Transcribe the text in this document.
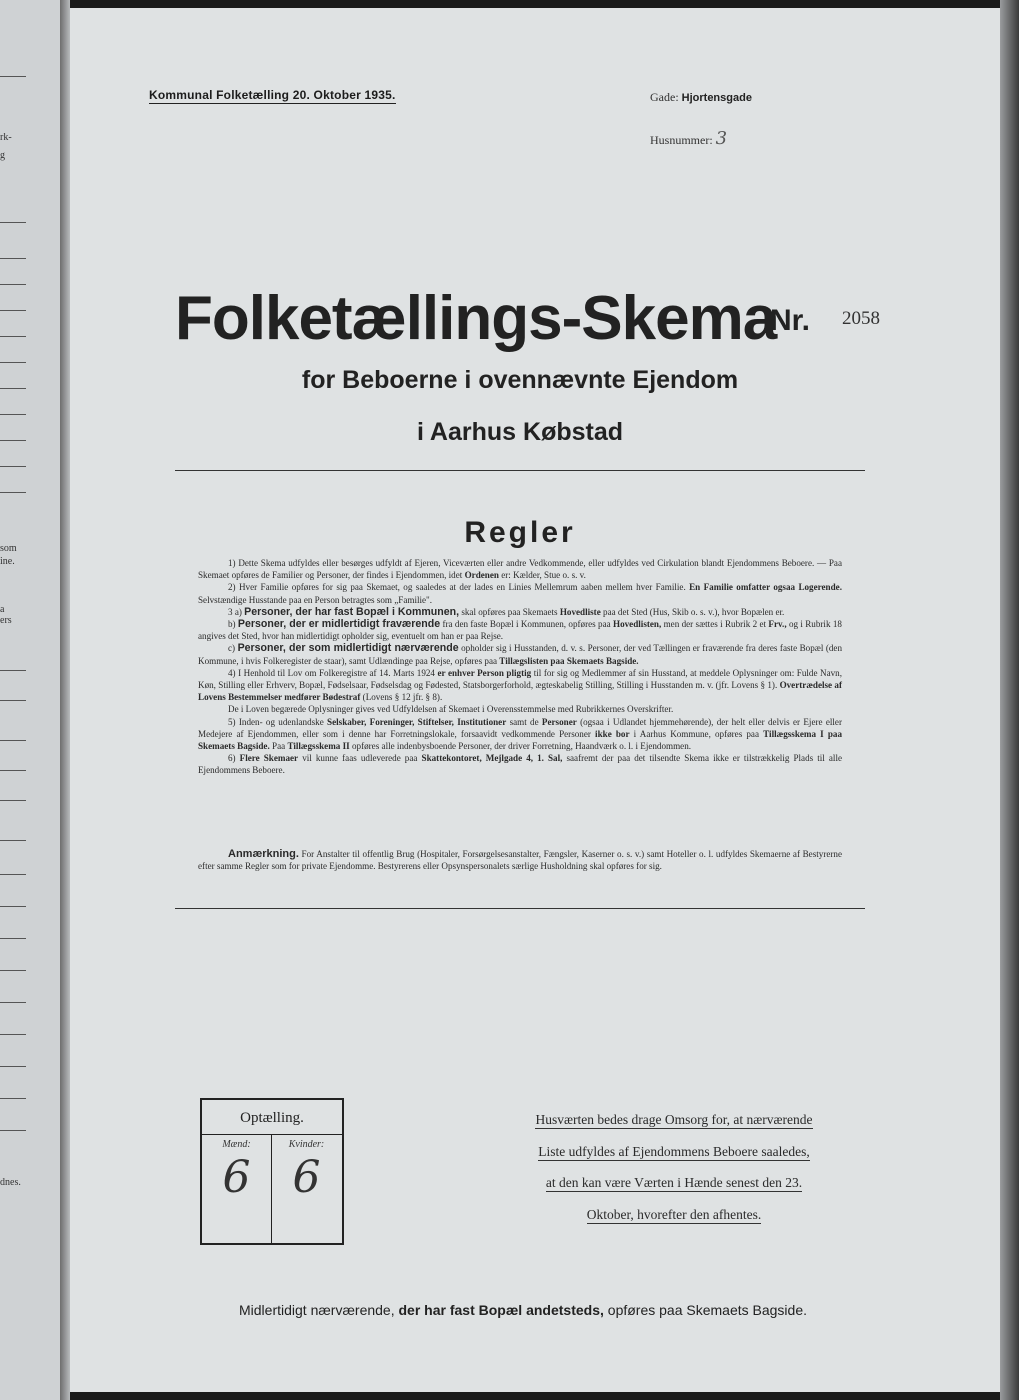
rk-
g
som
ine.
a
ers
dnes.
Kommunal Folketælling 20. Oktober 1935.	Gade: Hjortensgade
Husnummer: 3
Folketællings-Skema
Nr. 2058
for Beboerne i ovennævnte Ejendom
i Aarhus Købstad
Regler

1) Dette Skema udfyldes eller besørges udfyldt af Ejeren, Viceværten eller andre Vedkommende, eller udfyldes ved Cirkulation blandt Ejendommens Beboere. — Paa Skemaet opføres de Familier og Personer, der findes i Ejendommen, idet Ordenen er: Kælder, Stue o. s. v.

2) Hver Familie opføres for sig paa Skemaet, og saaledes at der lades en Linies Mellemrum aaben mellem hver Familie. En Familie omfatter ogsaa Logerende. Selvstændige Husstande paa en Person betragtes som „Familie".

3 a) Personer, der har fast Bopæl i Kommunen, skal opføres paa Skemaets Hovedliste paa det Sted (Hus, Skib o. s. v.), hvor Bopælen er.

b) Personer, der er midlertidigt fraværende fra den faste Bopæl i Kommunen, opføres paa Hovedlisten, men der sættes i Rubrik 2 et Frv., og i Rubrik 18 angives det Sted, hvor han midlertidigt opholder sig, eventuelt om han er paa Rejse.

c) Personer, der som midlertidigt nærværende opholder sig i Husstanden, d. v. s. Personer, der ved Tællingen er fraværende fra deres faste Bopæl (den Kommune, i hvis Folkeregister de staar), samt Udlændinge paa Rejse, opføres paa Tillægslisten paa Skemaets Bagside.

4) I Henhold til Lov om Folkeregistre af 14. Marts 1924 er enhver Person pligtig til for sig og Medlemmer af sin Husstand, at meddele Oplysninger om: Fulde Navn, Køn, Stilling eller Erhverv, Bopæl, Fødselsaar, Fødselsdag og Fødested, Statsborgerforhold, ægteskabelig Stilling, Stilling i Husstanden m. v. (jfr. Lovens § 1). Overtrædelse af Lovens Bestemmelser medfører Bødestraf (Lovens § 12 jfr. § 8).

De i Loven begærede Oplysninger gives ved Udfyldelsen af Skemaet i Overensstemmelse med Rubrikkernes Overskrifter.

5) Inden- og udenlandske Selskaber, Foreninger, Stiftelser, Institutioner samt de Personer (ogsaa i Udlandet hjemmehørende), der helt eller delvis er Ejere eller Medejere af Ejendommen, eller som i denne har Forretningslokale, forsaavidt vedkommende Personer ikke bor i Aarhus Kommune, opføres paa Tillægsskema I paa Skemaets Bagside. Paa Tillægsskema II opføres alle indenbysboende Personer, der driver Forretning, Haandværk o. l. i Ejendommen.

6) Flere Skemaer vil kunne faas udleverede paa Skattekontoret, Mejlgade 4, 1. Sal, saafremt der paa det tilsendte Skema ikke er tilstrækkelig Plads til alle Ejendommens Beboere.

Anmærkning. For Anstalter til offentlig Brug (Hospitaler, Forsørgelsesanstalter, Fængsler, Kaserner o. s. v.) samt Hoteller o. l. udfyldes Skemaerne af Bestyrerne efter samme Regler som for private Ejendomme. Bestyrerens eller Opsynspersonalets særlige Husholdning skal opføres for sig.

Optælling.
Mænd:
6
Kvinder:
6
Husværten bedes drage Omsorg for, at nærværende
Liste udfyldes af Ejendommens Beboere saaledes,
at den kan være Værten i Hænde senest den 23.
Oktober, hvorefter den afhentes.
Midlertidigt nærværende, der har fast Bopæl andetsteds, opføres paa Skemaets Bagside.
